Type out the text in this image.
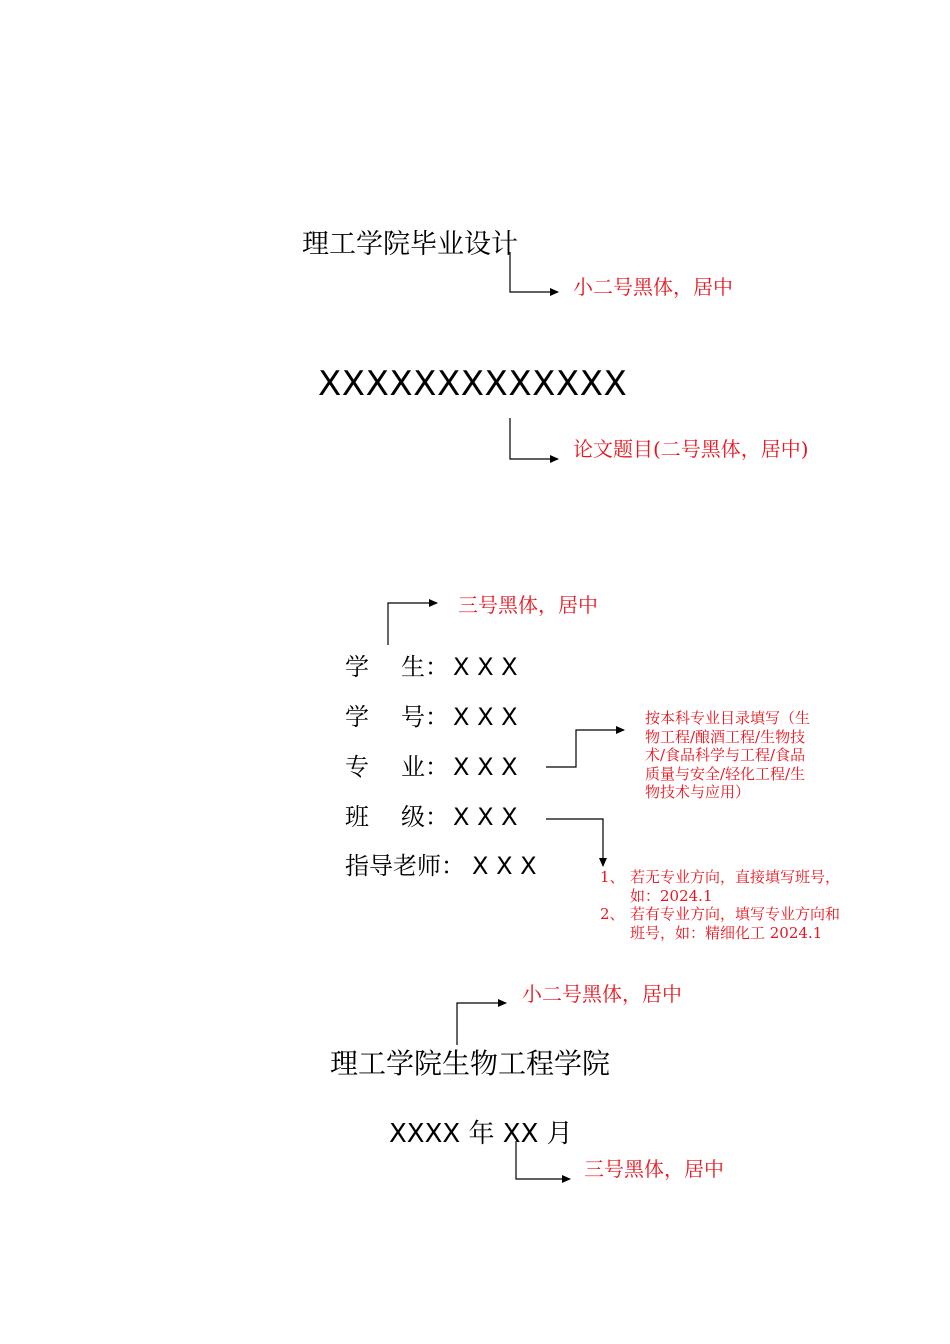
理工学院毕业设计
小二号黑体，居中
XXXXXXXXXXXXX
论文题目(二号黑体，居中)
三号黑体，居中
学	生： X X X
学	号： X X X
专	业： X X X
班	级： X X X
指导老师： X X X
按本科专业目录填写（生
物工程/酿酒工程/生物技
术/食品科学与工程/食品
质量与安全/轻化工程/生
物技术与应用）
1、 若无专业方向，直接填写班号，
如：2024.1
2、 若有专业方向，填写专业方向和
班号，如：精细化工 2024.1
小二号黑体，居中
理工学院生物工程学院
XXXX 年 XX 月
三号黑体，居中
